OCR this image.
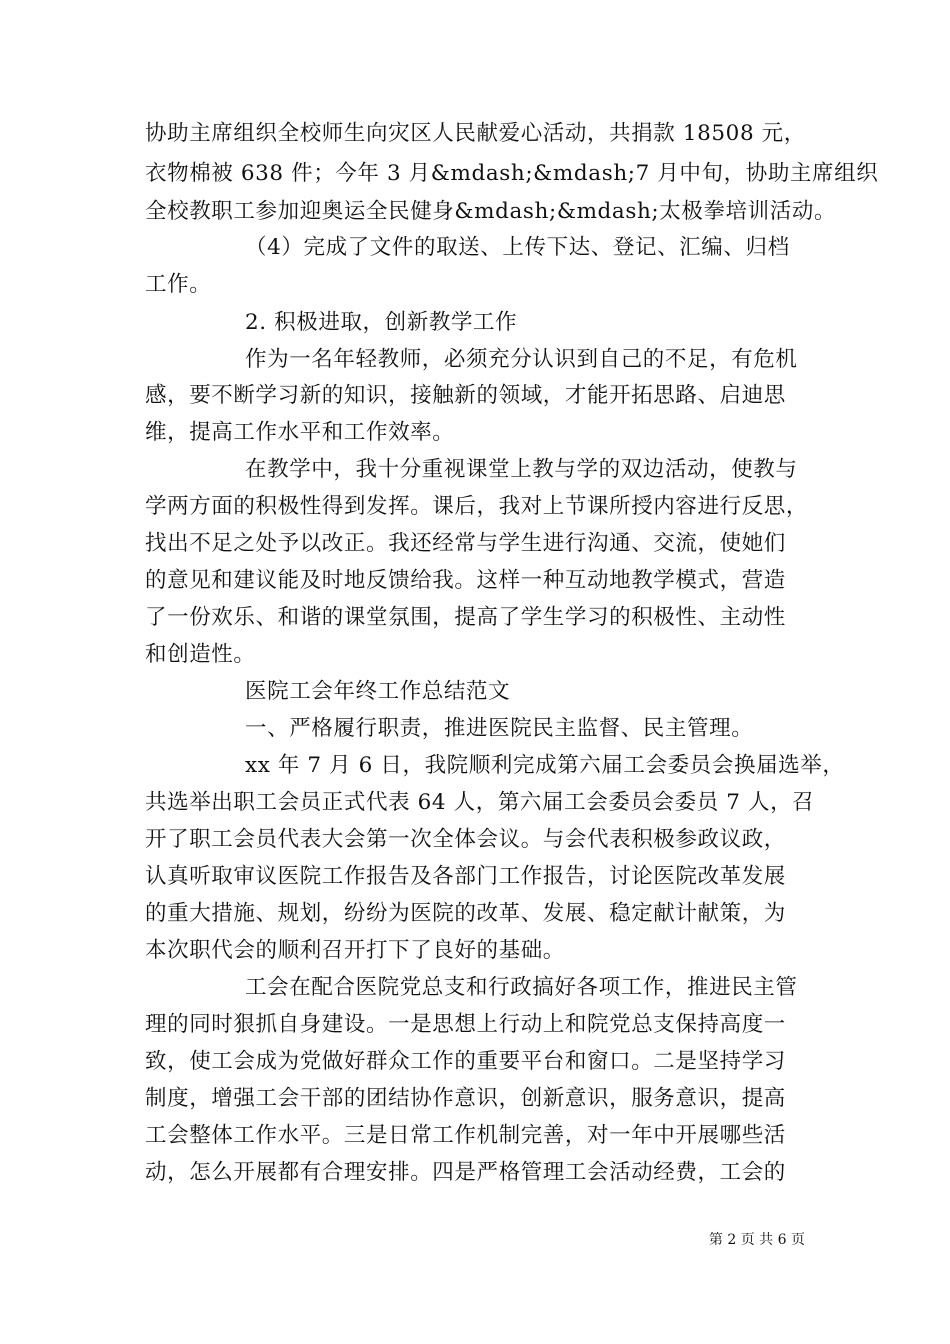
协助主席组织全校师生向灾区人民献爱心活动，共捐款 18508 元，
衣物棉被 638 件；今年 3 月&mdash;&mdash;7 月中旬，协助主席组织
全校教职工参加迎奥运全民健身&mdash;&mdash;太极拳培训活动。
（4）完成了文件的取送、上传下达、登记、汇编、归档
工作。
2. 积极进取，创新教学工作
作为一名年轻教师，必须充分认识到自己的不足，有危机
感，要不断学习新的知识，接触新的领域，才能开拓思路、启迪思
维，提高工作水平和工作效率。
在教学中，我十分重视课堂上教与学的双边活动，使教与
学两方面的积极性得到发挥。课后，我对上节课所授内容进行反思，
找出不足之处予以改正。我还经常与学生进行沟通、交流，使她们
的意见和建议能及时地反馈给我。这样一种互动地教学模式，营造
了一份欢乐、和谐的课堂氛围，提高了学生学习的积极性、主动性
和创造性。
医院工会年终工作总结范文
一、严格履行职责，推进医院民主监督、民主管理。
xx 年 7 月 6 日，我院顺利完成第六届工会委员会换届选举，
共选举出职工会员正式代表 64 人，第六届工会委员会委员 7 人，召
开了职工会员代表大会第一次全体会议。与会代表积极参政议政，
认真听取审议医院工作报告及各部门工作报告，讨论医院改革发展
的重大措施、规划，纷纷为医院的改革、发展、稳定献计献策，为
本次职代会的顺利召开打下了良好的基础。
工会在配合医院党总支和行政搞好各项工作，推进民主管
理的同时狠抓自身建设。一是思想上行动上和院党总支保持高度一
致，使工会成为党做好群众工作的重要平台和窗口。二是坚持学习
制度，增强工会干部的团结协作意识，创新意识，服务意识，提高
工会整体工作水平。三是日常工作机制完善，对一年中开展哪些活
动，怎么开展都有合理安排。四是严格管理工会活动经费，工会的
第 2 页 共 6 页
